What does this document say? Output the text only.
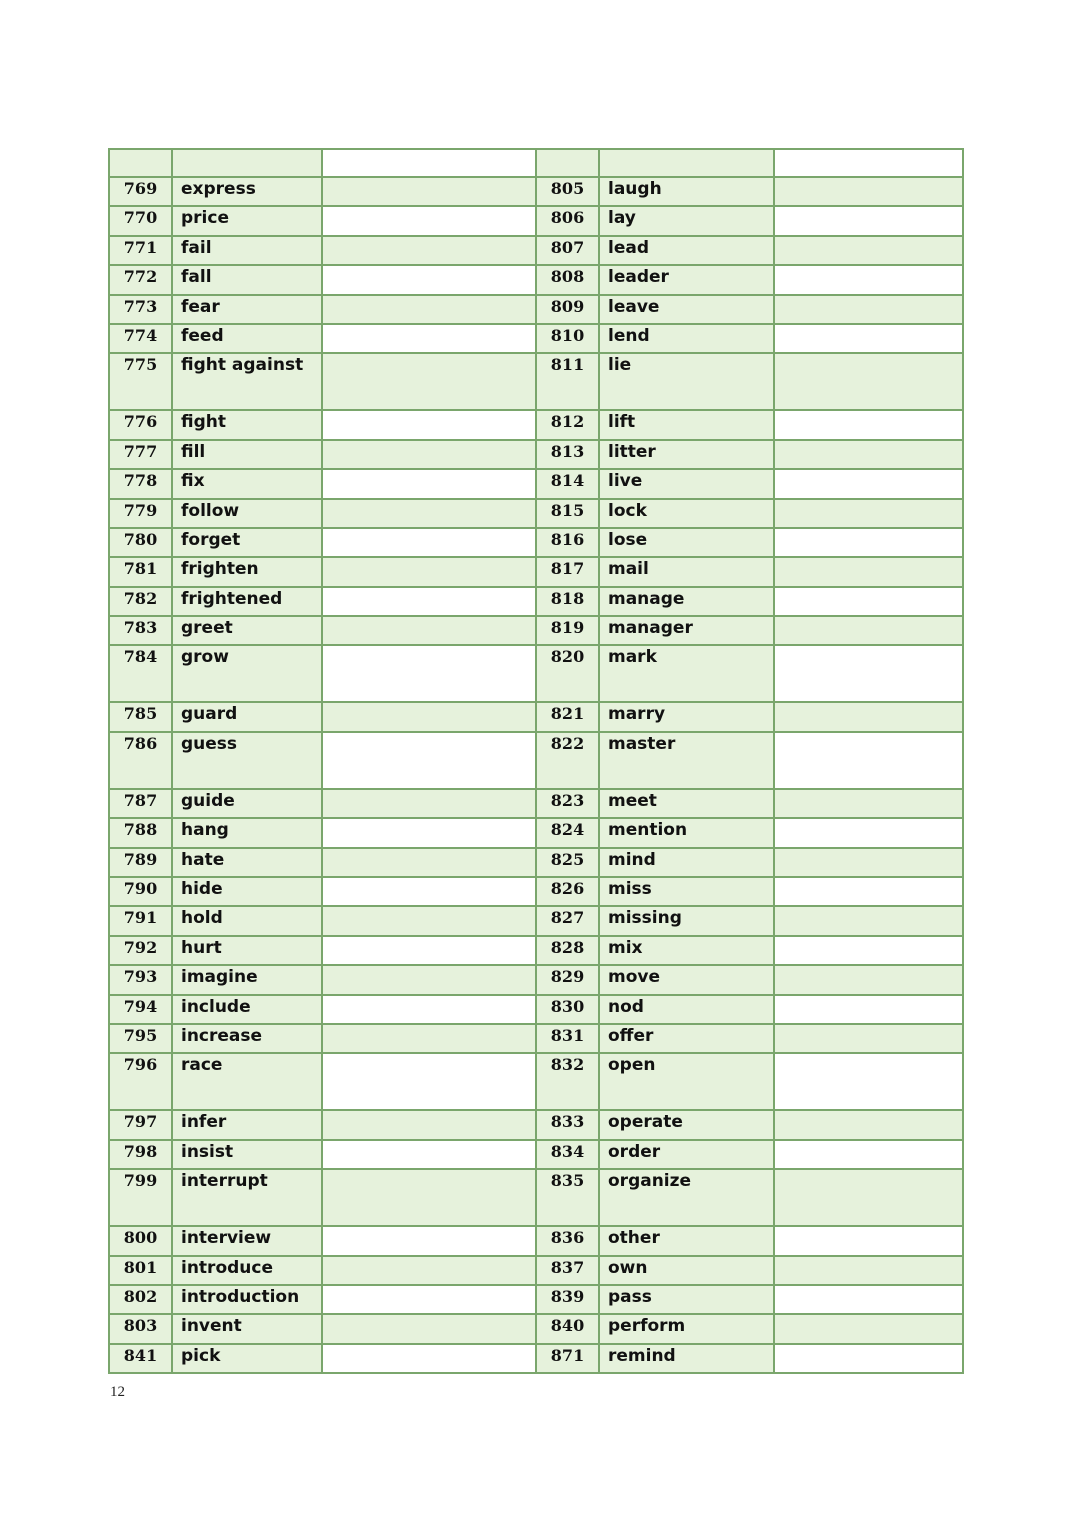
769	express		805	laugh	
770	price		806	lay	
771	fail		807	lead	
772	fall		808	leader	
773	fear		809	leave	
774	feed		810	lend	
775	fight against		811	lie	
776	fight		812	lift	
777	fill		813	litter	
778	fix		814	live	
779	follow		815	lock	
780	forget		816	lose	
781	frighten		817	mail	
782	frightened		818	manage	
783	greet		819	manager	
784	grow		820	mark	
785	guard		821	marry	
786	guess		822	master	
787	guide		823	meet	
788	hang		824	mention	
789	hate		825	mind	
790	hide		826	miss	
791	hold		827	missing	
792	hurt		828	mix	
793	imagine		829	move	
794	include		830	nod	
795	increase		831	offer	
796	race		832	open	
797	infer		833	operate	
798	insist		834	order	
799	interrupt		835	organize	
800	interview		836	other	
801	introduce		837	own	
802	introduction		839	pass	
803	invent		840	perform	
841	pick		871	remind	
12
